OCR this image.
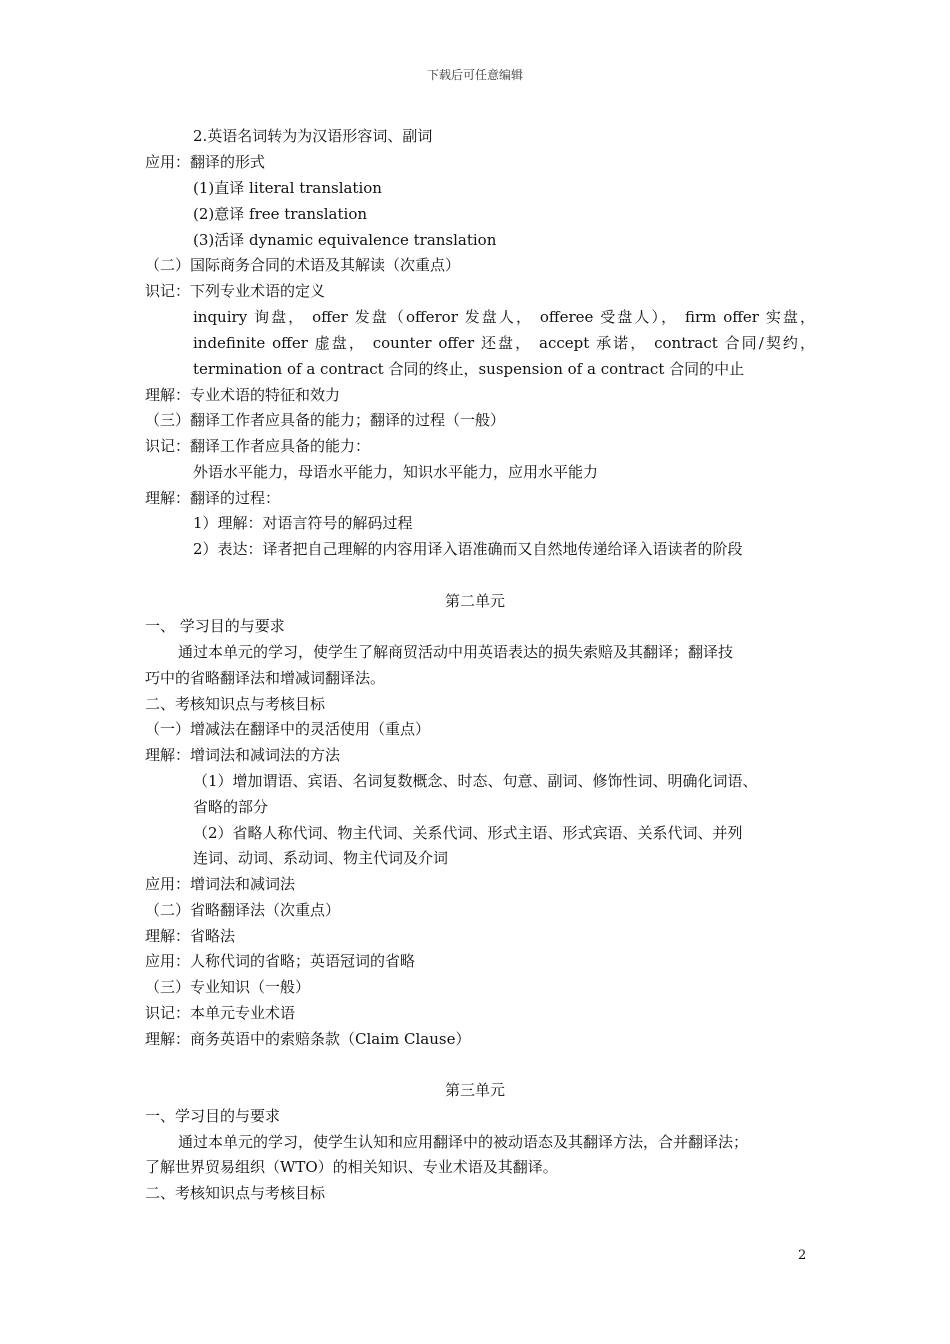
下载后可任意编辑
2.英语名词转为为汉语形容词、副词
应用：翻译的形式
(1)直译 literal translation
(2)意译 free translation
(3)活译 dynamic equivalence translation
（二）国际商务合同的术语及其解读（次重点）
识记：下列专业术语的定义
inquiry 询盘， offer 发盘（offeror 发盘人， offeree 受盘人）， firm offer 实盘，
indefinite offer 虚盘， counter offer 还盘， accept 承诺， contract 合同/契约，
termination of a contract 合同的终止，suspension of a contract 合同的中止
理解：专业术语的特征和效力
（三）翻译工作者应具备的能力；翻译的过程（一般）
识记：翻译工作者应具备的能力：
外语水平能力，母语水平能力，知识水平能力，应用水平能力
理解：翻译的过程：
1）理解：对语言符号的解码过程
2）表达：译者把自己理解的内容用译入语准确而又自然地传递给译入语读者的阶段
第二单元
一、 学习目的与要求
通过本单元的学习，使学生了解商贸活动中用英语表达的损失索赔及其翻译；翻译技
巧中的省略翻译法和增减词翻译法。
二、考核知识点与考核目标
（一）增减法在翻译中的灵活使用（重点）
理解：增词法和减词法的方法
（1）增加谓语、宾语、名词复数概念、时态、句意、副词、修饰性词、明确化词语、
省略的部分
（2）省略人称代词、物主代词、关系代词、形式主语、形式宾语、关系代词、并列
连词、动词、系动词、物主代词及介词
应用：增词法和减词法
（二）省略翻译法（次重点）
理解：省略法
应用：人称代词的省略；英语冠词的省略
（三）专业知识（一般）
识记：本单元专业术语
理解：商务英语中的索赔条款（Claim Clause）
第三单元
一、学习目的与要求
通过本单元的学习，使学生认知和应用翻译中的被动语态及其翻译方法，合并翻译法；
了解世界贸易组织（WTO）的相关知识、专业术语及其翻译。
二、考核知识点与考核目标
2
